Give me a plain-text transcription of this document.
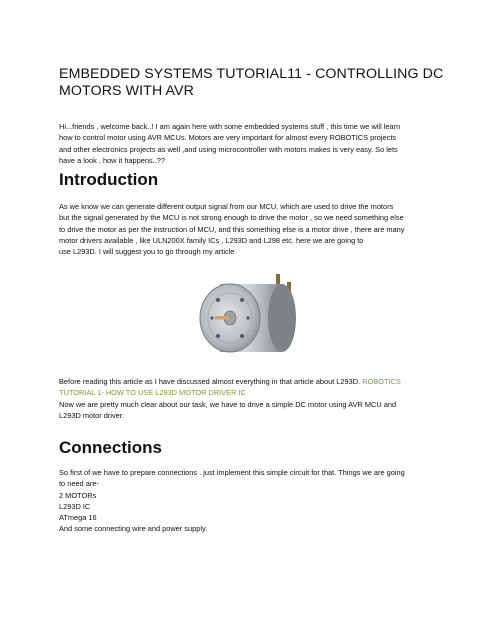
EMBEDDED SYSTEMS TUTORIAL11 - CONTROLLING DC
MOTORS WITH AVR

Hi...friends , welcome back..! I am again here with some embedded systems stuff , this time we will learn
how to control motor using AVR MCUs. Motors are very important for almost every ROBOTICS projects
and other electronics projects as well ,and using microcontroller with motors makes is very easy. So lets
have a look , how it happens..??

Introduction

As we know we can generate different output signal from our MCU, which are used to drive the motors
but the signal generated by the MCU is not strong enough to drive the motor , so we need something else
to drive the motor as per the instruction of MCU, and this something else is a motor drive , there are many
motor drivers available , like ULN200X family ICs , L293D and L298 etc. here we are going to
use L293D. I will suggest you to go through my article

Before reading this article as I have discussed almost everything in that article about L293D. ROBOTICS
TUTORIAL 1- HOW TO USE L293D MOTOR DRIVER IC
Now we are pretty much clear about our task, we have to drive a simple DC motor using AVR MCU and
L293D motor driver.

Connections

So first of we have to prepare connections . just implement this simple circuit for that. Things we are going
to need are-
2 MOTORs
L293D IC
ATmega 16
And some connecting wire and power supply.
